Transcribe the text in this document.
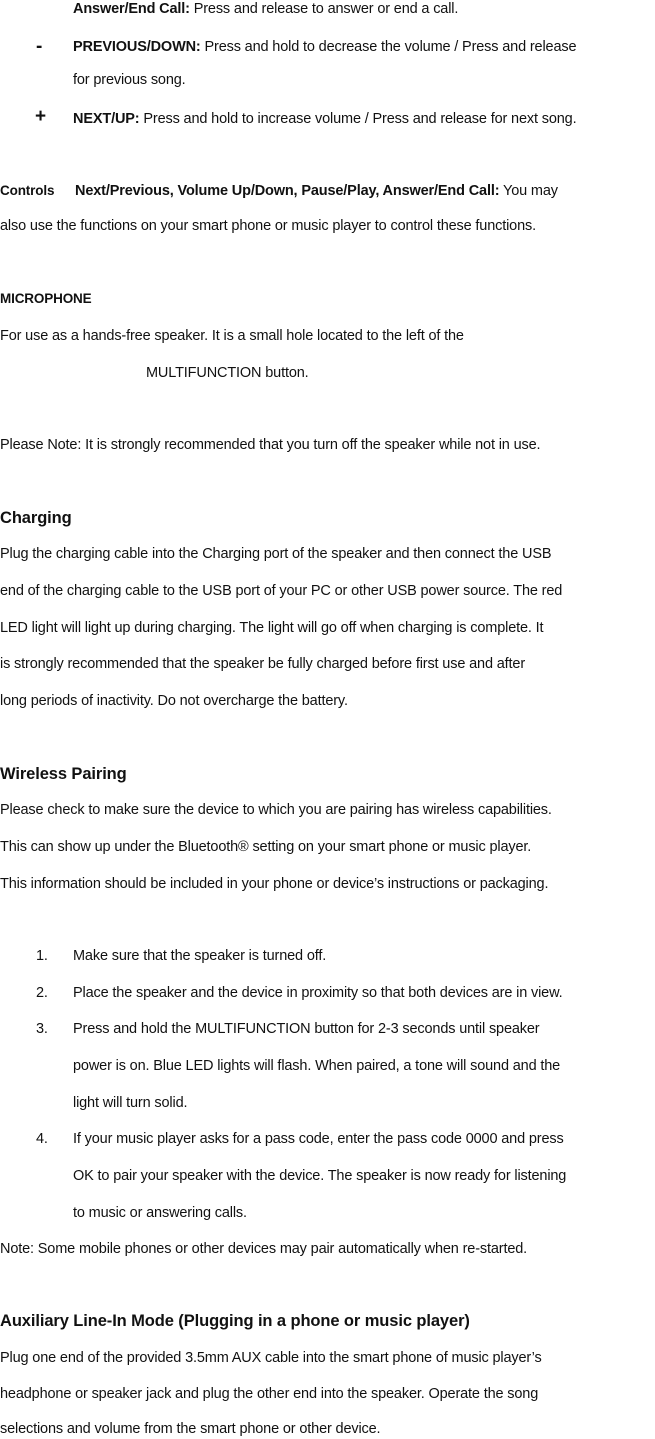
Answer/End Call: Press and release to answer or end a call.
- PREVIOUS/DOWN: Press and hold to decrease the volume / Press and release
for previous song.
+ NEXT/UP: Press and hold to increase volume / Press and release for next song.
Controls Next/Previous, Volume Up/Down, Pause/Play, Answer/End Call: You may
also use the functions on your smart phone or music player to control these functions.
MICROPHONE
For use as a hands-free speaker. It is a small hole located to the left of the
MULTIFUNCTION button.
Please Note: It is strongly recommended that you turn off the speaker while not in use.
Charging
Plug the charging cable into the Charging port of the speaker and then connect the USB
end of the charging cable to the USB port of your PC or other USB power source. The red
LED light will light up during charging. The light will go off when charging is complete. It
is strongly recommended that the speaker be fully charged before first use and after
long periods of inactivity. Do not overcharge the battery.
Wireless Pairing
Please check to make sure the device to which you are pairing has wireless capabilities.
This can show up under the Bluetooth® setting on your smart phone or music player.
This information should be included in your phone or device’s instructions or packaging.
1. Make sure that the speaker is turned off.
2. Place the speaker and the device in proximity so that both devices are in view.
3. Press and hold the MULTIFUNCTION button for 2-3 seconds until speaker
power is on. Blue LED lights will flash. When paired, a tone will sound and the
light will turn solid.
4. If your music player asks for a pass code, enter the pass code 0000 and press
OK to pair your speaker with the device. The speaker is now ready for listening
to music or answering calls.
Note: Some mobile phones or other devices may pair automatically when re-started.
Auxiliary Line-In Mode (Plugging in a phone or music player)
Plug one end of the provided 3.5mm AUX cable into the smart phone of music player’s
headphone or speaker jack and plug the other end into the speaker. Operate the song
selections and volume from the smart phone or other device.
